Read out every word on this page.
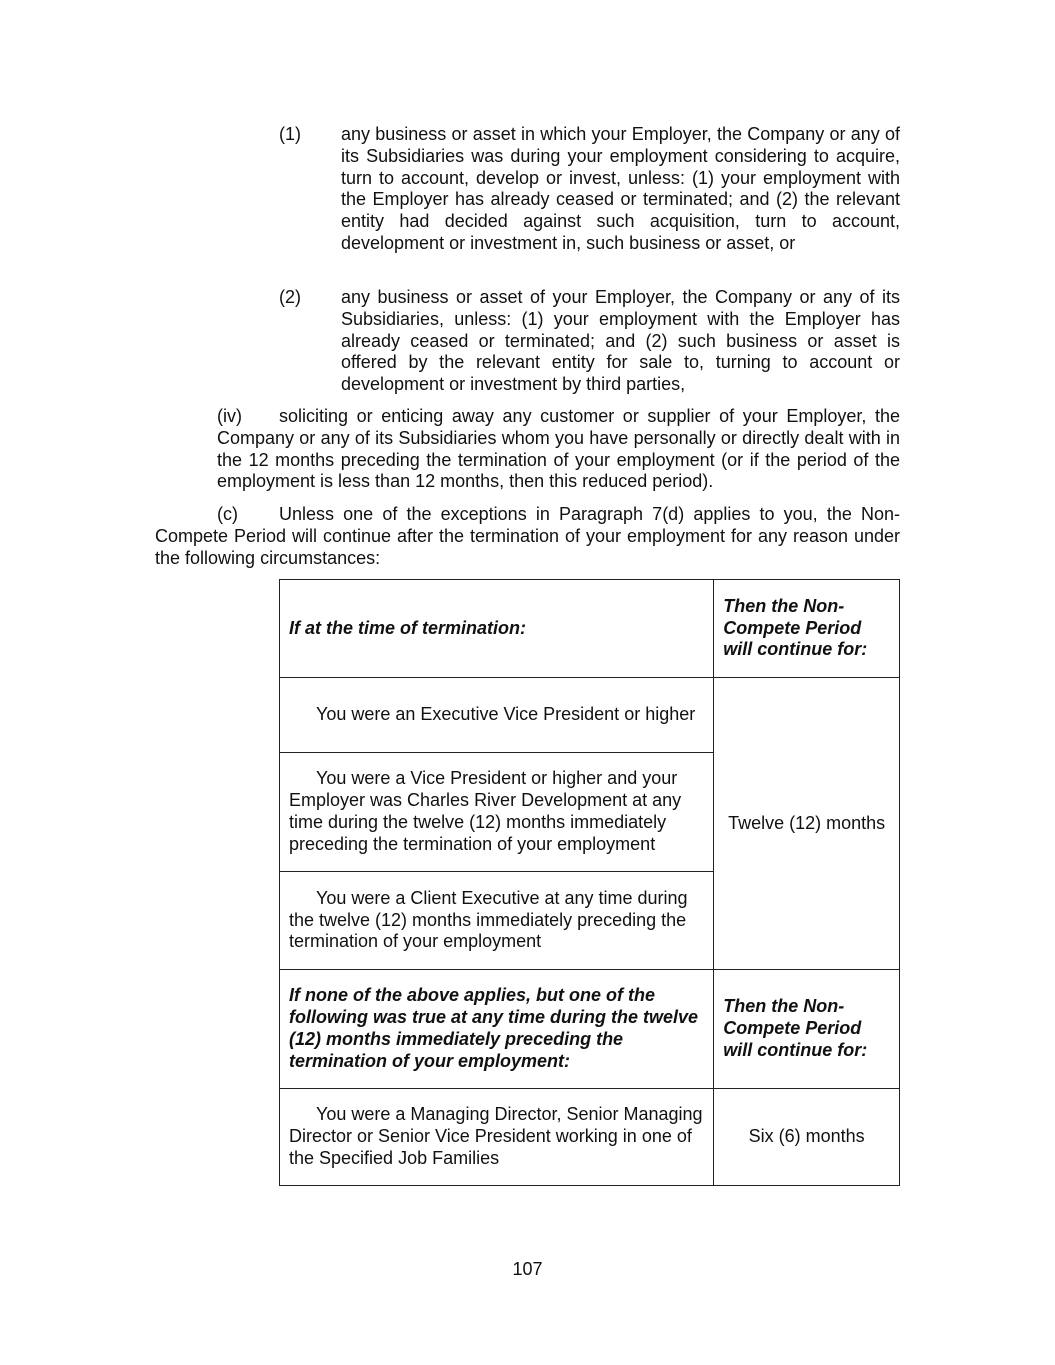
(1) any business or asset in which your Employer, the Company or any of its Subsidiaries was during your employment considering to acquire, turn to account, develop or invest, unless: (1) your employment with the Employer has already ceased or terminated; and (2) the relevant entity had decided against such acquisition, turn to account, development or investment in, such business or asset, or
(2) any business or asset of your Employer, the Company or any of its Subsidiaries, unless: (1) your employment with the Employer has already ceased or terminated; and (2) such business or asset is offered by the relevant entity for sale to, turning to account or development or investment by third parties,
(iv) soliciting or enticing away any customer or supplier of your Employer, the Company or any of its Subsidiaries whom you have personally or directly dealt with in the 12 months preceding the termination of your employment (or if the period of the employment is less than 12 months, then this reduced period).
(c) Unless one of the exceptions in Paragraph 7(d) applies to you, the Non-Compete Period will continue after the termination of your employment for any reason under the following circumstances:
If at the time of termination:	Then the Non-Compete Period will continue for:
You were an Executive Vice President or higher	Twelve (12) months
You were a Vice President or higher and your Employer was Charles River Development at any time during the twelve (12) months immediately preceding the termination of your employment	
You were a Client Executive at any time during the twelve (12) months immediately preceding the termination of your employment	
If none of the above applies, but one of the following was true at any time during the twelve (12) months immediately preceding the termination of your employment:	Then the Non-Compete Period will continue for:
You were a Managing Director, Senior Managing Director or Senior Vice President working in one of the Specified Job Families	Six (6) months
107
